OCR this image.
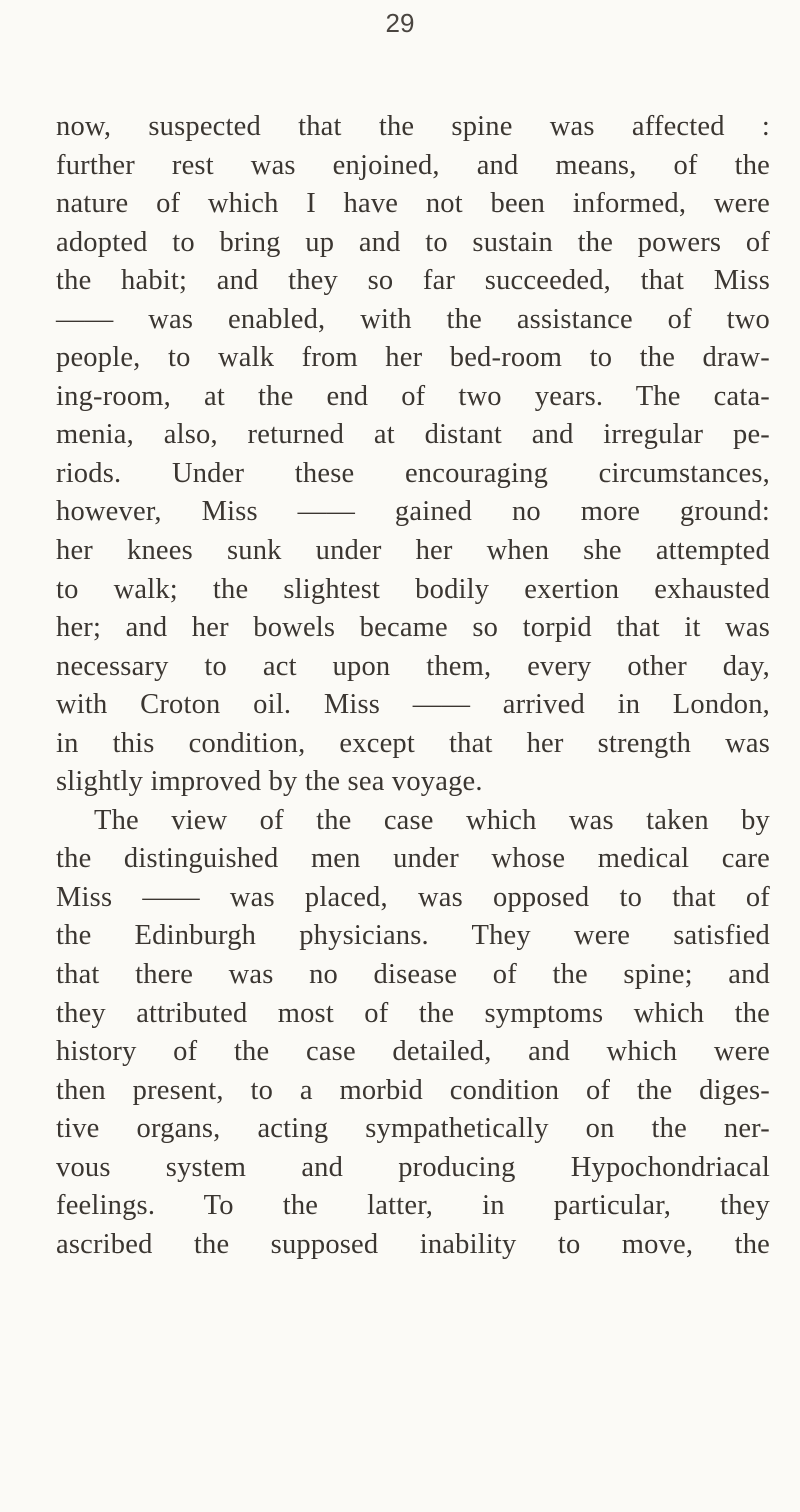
29
now, suspected that the spine was affected :
further rest was enjoined, and means, of the
nature of which I have not been informed, were
adopted to bring up and to sustain the powers of
the habit; and they so far succeeded, that Miss
—— was enabled, with the assistance of two
people, to walk from her bed-room to the draw-
ing-room, at the end of two years. The cata-
menia, also, returned at distant and irregular pe-
riods. Under these encouraging circumstances,
however, Miss —— gained no more ground:
her knees sunk under her when she attempted
to walk; the slightest bodily exertion exhausted
her; and her bowels became so torpid that it was
necessary to act upon them, every other day,
with Croton oil. Miss —— arrived in London,
in this condition, except that her strength was
slightly improved by the sea voyage.
The view of the case which was taken by
the distinguished men under whose medical care
Miss —— was placed, was opposed to that of
the Edinburgh physicians. They were satisfied
that there was no disease of the spine; and
they attributed most of the symptoms which the
history of the case detailed, and which were
then present, to a morbid condition of the diges-
tive organs, acting sympathetically on the ner-
vous system and producing Hypochondriacal
feelings. To the latter, in particular, they
ascribed the supposed inability to move, the
